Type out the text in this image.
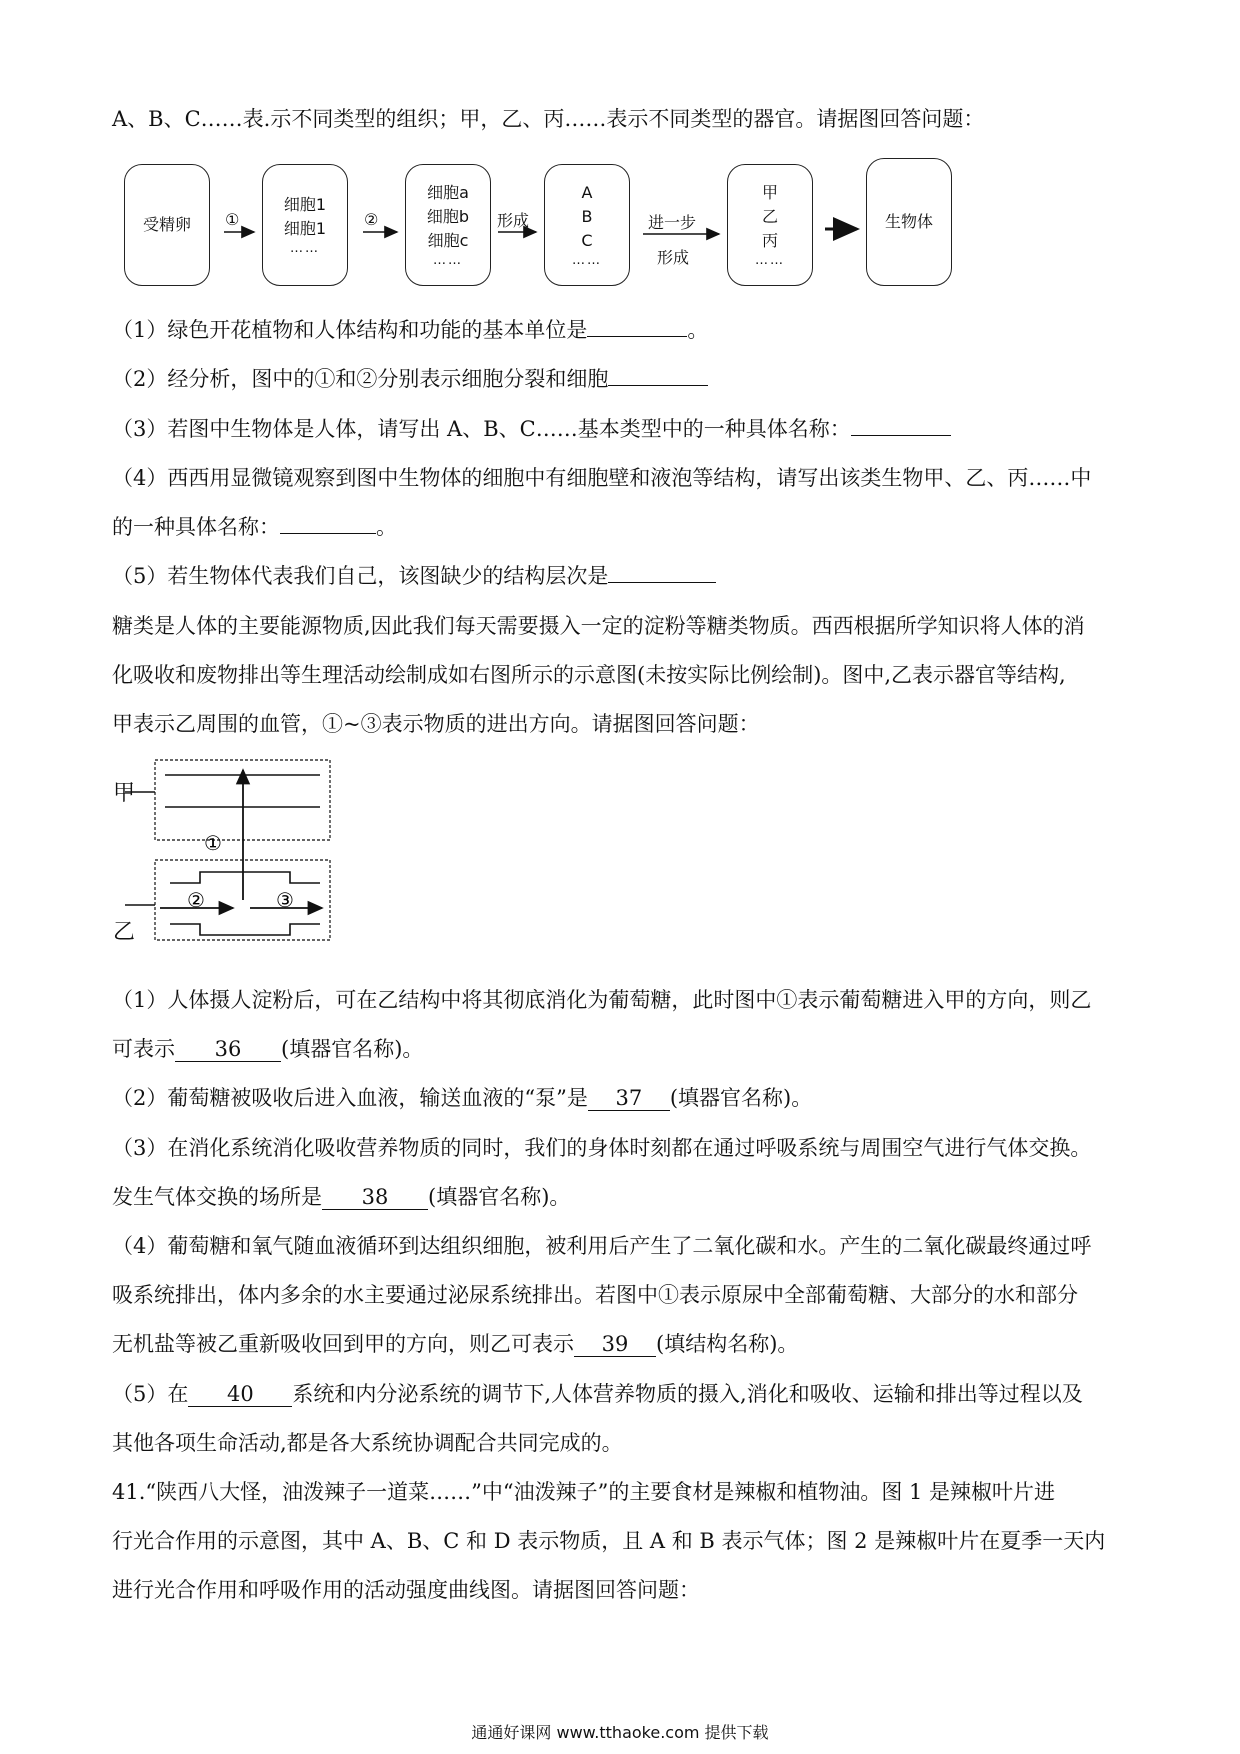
A、B、C……表.示不同类型的组织；甲，乙、丙……表示不同类型的器官。请据图回答问题：

受精卵 ①
细胞1
细胞1
……
②
细胞a
细胞b
细胞c
……
形成
A
B
C
……
进一步
形成
甲
乙
丙
……
生物体

（1）绿色开花植物和人体结构和功能的基本单位是	。

（2）经分析，图中的①和②分别表示细胞分裂和细胞

（3）若图中生物体是人体，请写出 A、B、C……基本类型中的一种具体名称：

（4）西西用显微镜观察到图中生物体的细胞中有细胞壁和液泡等结构，请写出该类生物甲、乙、丙……中

的一种具体名称：	。

（5）若生物体代表我们自己，该图缺少的结构层次是

糖类是人体的主要能源物质,因此我们每天需要摄入一定的淀粉等糖类物质。西西根据所学知识将人体的消

化吸收和废物排出等生理活动绘制成如右图所示的示意图(未按实际比例绘制)。图中,乙表示器官等结构,

甲表示乙周围的血管，①~③表示物质的进出方向。请据图回答问题：

甲
乙
①
②	③

（1）人体摄人淀粉后，可在乙结构中将其彻底消化为葡萄糖，此时图中①表示葡萄糖进入甲的方向，则乙

可表示 36 (填器官名称)。

（2）葡萄糖被吸收后进入血液，输送血液的“泵”是 37 (填器官名称)。

（3）在消化系统消化吸收营养物质的同时，我们的身体时刻都在通过呼吸系统与周围空气进行气体交换。

发生气体交换的场所是 38 (填器官名称)。

（4）葡萄糖和氧气随血液循环到达组织细胞，被利用后产生了二氧化碳和水。产生的二氧化碳最终通过呼

吸系统排出，体内多余的水主要通过泌尿系统排出。若图中①表示原尿中全部葡萄糖、大部分的水和部分

无机盐等被乙重新吸收回到甲的方向，则乙可表示 39 (填结构名称)。

（5）在 40 系统和内分泌系统的调节下,人体营养物质的摄入,消化和吸收、运输和排出等过程以及

其他各项生命活动,都是各大系统协调配合共同完成的。

41.“陕西八大怪，油泼辣子一道菜……”中“油泼辣子”的主要食材是辣椒和植物油。图 1 是辣椒叶片进

行光合作用的示意图，其中 A、B、C 和 D 表示物质，且 A 和 B 表示气体；图 2 是辣椒叶片在夏季一天内

进行光合作用和呼吸作用的活动强度曲线图。请据图回答问题：

通通好课网 www.tthaoke.com 提供下载
